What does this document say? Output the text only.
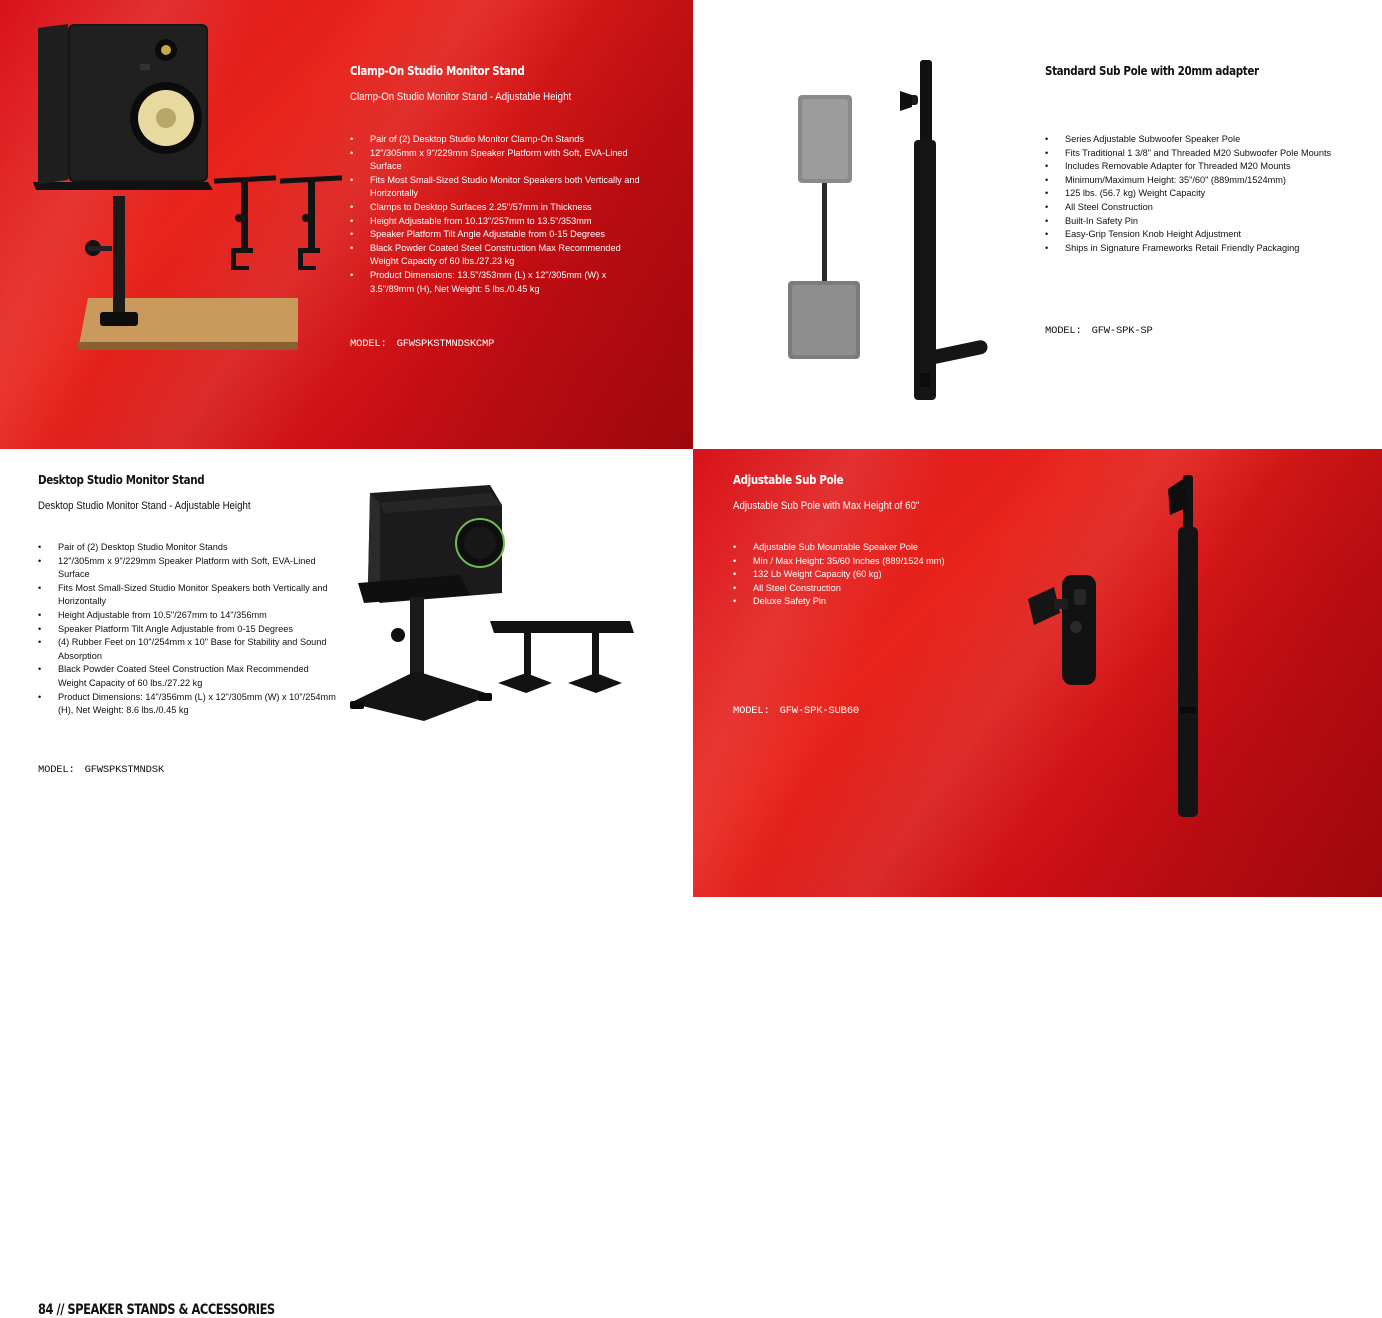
Clamp-On Studio Monitor Stand
Clamp-On Studio Monitor Stand - Adjustable Height
• Pair of (2) Desktop Studio Monitor Clamp-On Stands
• 12"/305mm x 9"/229mm Speaker Platform with Soft, EVA-Lined Surface
• Fits Most Small-Sized Studio Monitor Speakers both Vertically and Horizontally
• Clamps to Desktop Surfaces 2.25"/57mm in Thickness
• Height Adjustable from 10.13"/257mm to 13.5"/353mm
• Speaker Platform Tilt Angle Adjustable from 0-15 Degrees
• Black Powder Coated Steel Construction Max Recommended Weight Capacity of 60 lbs./27.23 kg
• Product Dimensions: 13.5"/353mm (L) x 12"/305mm (W) x 3.5"/89mm (H), Net Weight: 5 lbs./0.45 kg
MODEL: GFWSPKSTMNDSKCMP
Standard Sub Pole with 20mm adapter
• Series Adjustable Subwoofer Speaker Pole
• Fits Traditional 1 3/8" and Threaded M20 Subwoofer Pole Mounts
• Includes Removable Adapter for Threaded M20 Mounts
• Minimum/Maximum Height: 35"/60" (889mm/1524mm)
• 125 lbs. (56.7 kg) Weight Capacity
• All Steel Construction
• Built-In Safety Pin
• Easy-Grip Tension Knob Height Adjustment
• Ships in Signature Frameworks Retail Friendly Packaging
MODEL: GFW-SPK-SP
Desktop Studio Monitor Stand
Desktop Studio Monitor Stand - Adjustable Height
• Pair of (2) Desktop Studio Monitor Stands
• 12"/305mm x 9"/229mm Speaker Platform with Soft, EVA-Lined Surface
• Fits Most Small-Sized Studio Monitor Speakers both Vertically and Horizontally
• Height Adjustable from 10.5"/267mm to 14"/356mm
• Speaker Platform Tilt Angle Adjustable from 0-15 Degrees
• (4) Rubber Feet on 10"/254mm x 10" Base for Stability and Sound Absorption
• Black Powder Coated Steel Construction Max Recommended Weight Capacity of 60 lbs./27.22 kg
• Product Dimensions: 14"/356mm (L) x 12"/305mm (W) x 10"/254mm (H), Net Weight: 8.6 lbs./0.45 kg
MODEL: GFWSPKSTMNDSK
84 // SPEAKER STANDS & ACCESSORIES
Adjustable Sub Pole
Adjustable Sub Pole with Max Height of 60"
• Adjustable Sub Mountable Speaker Pole
• Min / Max Height: 35/60 Inches (889/1524 mm)
• 132 Lb Weight Capacity (60 kg)
• All Steel Construction
• Deluxe Safety Pin
MODEL: GFW-SPK-SUB60
SPEAKER STANDS & ACCESSORIES // 85
